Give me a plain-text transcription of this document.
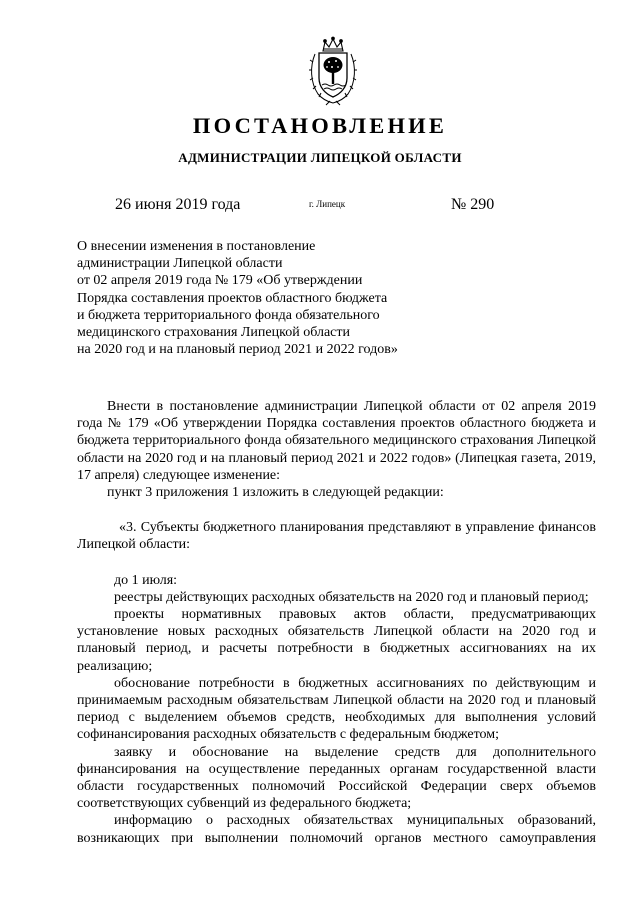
ПОСТАНОВЛЕНИЕ
АДМИНИСТРАЦИИ ЛИПЕЦКОЙ ОБЛАСТИ
26 июня 2019 года	г. Липецк	№ 290
О внесении изменения в постановление
администрации Липецкой области
от 02 апреля 2019 года № 179 «Об утверждении
Порядка составления проектов областного бюджета
и бюджета территориального фонда обязательного
медицинского страхования Липецкой области
на 2020 год и на плановый период 2021 и 2022 годов»

Внести в постановление администрации Липецкой области от 02 апреля 2019 года № 179 «Об утверждении Порядка составления проектов областного бюджета и бюджета территориального фонда обязательного медицинского страхования Липецкой области на 2020 год и на плановый период 2021 и 2022 годов» (Липецкая газета, 2019, 17 апреля) следующее изменение:

пункт 3 приложения 1 изложить в следующей редакции:

«3. Субъекты бюджетного планирования представляют в управление финансов Липецкой области:

до 1 июля:

реестры действующих расходных обязательств на 2020 год и плановый период;

проекты нормативных правовых актов области, предусматривающих установление новых расходных обязательств Липецкой области на 2020 год и плановый период, и расчеты потребности в бюджетных ассигнованиях на их реализацию;

обоснование потребности в бюджетных ассигнованиях по действующим и принимаемым расходным обязательствам Липецкой области на 2020 год и плановый период с выделением объемов средств, необходимых для выполнения условий софинансирования расходных обязательств с федеральным бюджетом;

заявку и обоснование на выделение средств для дополнительного финансирования на осуществление переданных органам государственной власти области государственных полномочий Российской Федерации сверх объемов соответствующих субвенций из федерального бюджета;

информацию о расходных обязательствах муниципальных образований, возникающих при выполнении полномочий органов местного самоуправления
